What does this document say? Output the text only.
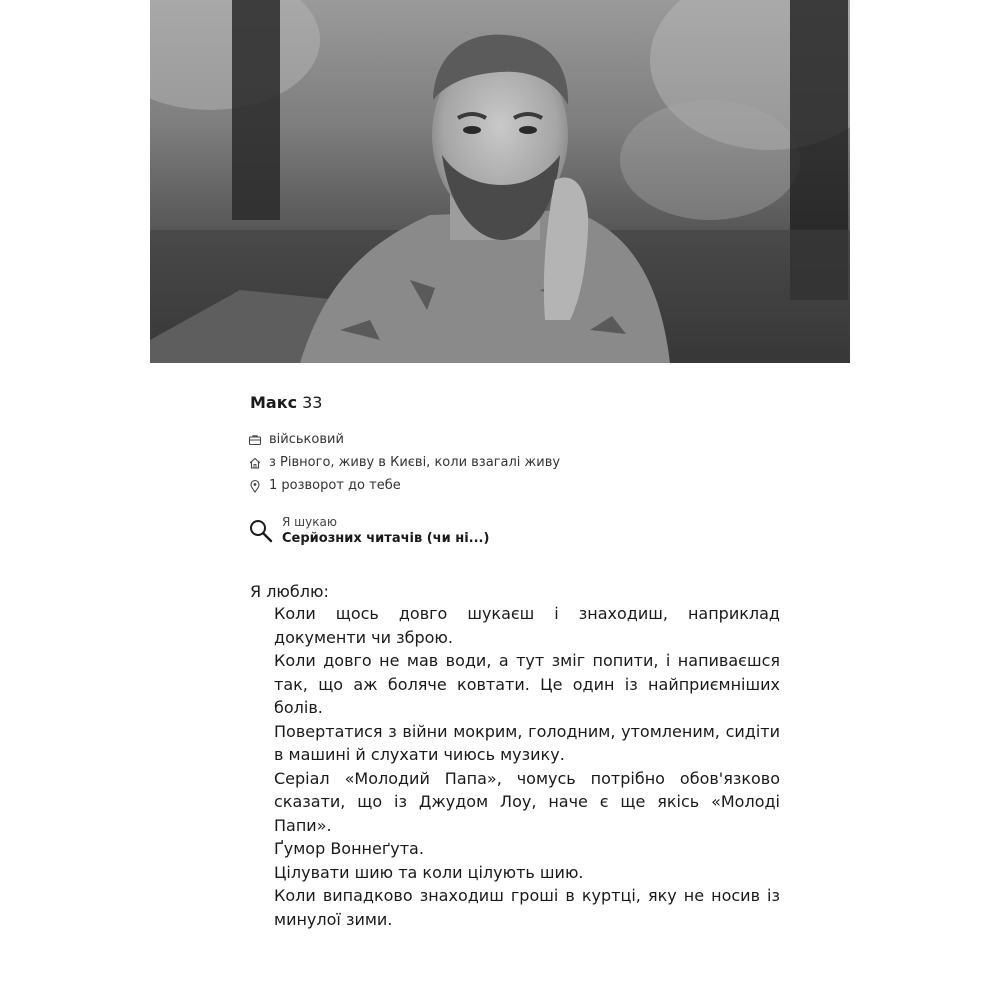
Макс 33
військовий
з Рівного, живу в Києві, коли взагалі живу
1 розворот до тебе
Я шукаю
Серйозних читачів (чи ні...)
Я люблю:

Коли щось довго шукаєш і знаходиш, наприклад документи чи зброю.

Коли довго не мав води, а тут зміг попити, і напиваєшся так, що аж боляче ковтати. Це один із найприємніших болів.

Повертатися з війни мокрим, голодним, утомленим, сидіти в машині й слухати чиюсь музику.

Серіал «Молодий Папа», чомусь потрібно обов'язково сказати, що із Джудом Лоу, наче є ще якісь «Молоді Папи».

Ґумор Воннеґута.

Цілувати шию та коли цілують шию.

Коли випадково знаходиш гроші в куртці, яку не носив із минулої зими.
